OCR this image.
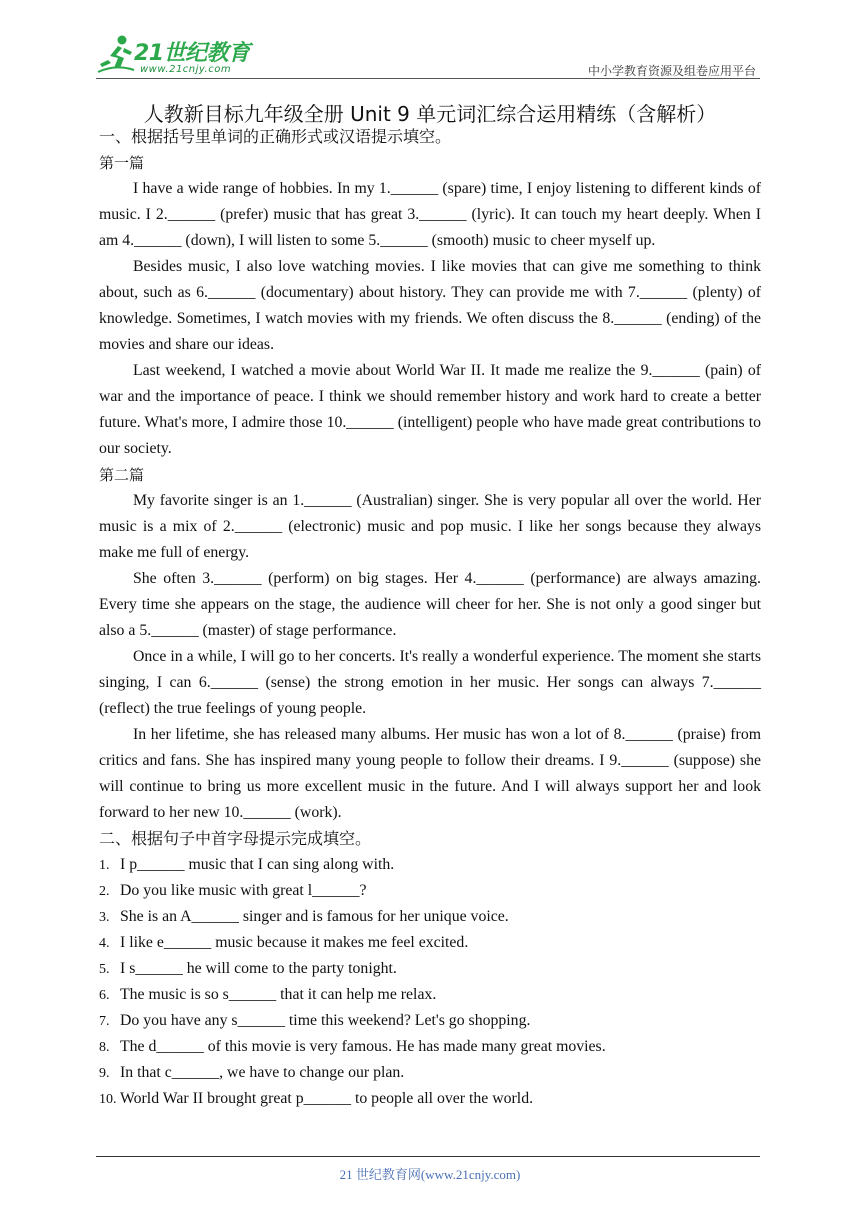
21世纪教育
www.21cnjy.com	中小学教育资源及组卷应用平台
人教新目标九年级全册 Unit 9 单元词汇综合运用精练（含解析）
一、根据括号里单词的正确形式或汉语提示填空。
第一篇

I have a wide range of hobbies. In my 1.______ (spare) time, I enjoy listening to different kinds of music. I 2.______ (prefer) music that has great 3.______ (lyric). It can touch my heart deeply. When I am 4.______ (down), I will listen to some 5.______ (smooth) music to cheer myself up.

Besides music, I also love watching movies. I like movies that can give me something to think about, such as 6.______ (documentary) about history. They can provide me with 7.______ (plenty) of knowledge. Sometimes, I watch movies with my friends. We often discuss the 8.______ (ending) of the movies and share our ideas.

Last weekend, I watched a movie about World War II. It made me realize the 9.______ (pain) of war and the importance of peace. I think we should remember history and work hard to create a better future. What's more, I admire those 10.______ (intelligent) people who have made great contributions to our society.

第二篇

My favorite singer is an 1.______ (Australian) singer. She is very popular all over the world. Her music is a mix of 2.______ (electronic) music and pop music. I like her songs because they always make me full of energy.

She often 3.______ (perform) on big stages. Her 4.______ (performance) are always amazing. Every time she appears on the stage, the audience will cheer for her. She is not only a good singer but also a 5.______ (master) of stage performance.

Once in a while, I will go to her concerts. It's really a wonderful experience. The moment she starts singing, I can 6.______ (sense) the strong emotion in her music. Her songs can always 7.______ (reflect) the true feelings of young people.

In her lifetime, she has released many albums. Her music has won a lot of 8.______ (praise) from critics and fans. She has inspired many young people to follow their dreams. I 9.______ (suppose) she will continue to bring us more excellent music in the future. And I will always support her and look forward to her new 10.______ (work).

二、根据句子中首字母提示完成填空。
1. I p______ music that I can sing along with.
2. Do you like music with great l______?
3. She is an A______ singer and is famous for her unique voice.
4. I like e______ music because it makes me feel excited.
5. I s______ he will come to the party tonight.
6. The music is so s______ that it can help me relax.
7. Do you have any s______ time this weekend? Let's go shopping.
8. The d______ of this movie is very famous. He has made many great movies.
9. In that c______, we have to change our plan.
10. World War II brought great p______ to people all over the world.
21 世纪教育网(www.21cnjy.com)
